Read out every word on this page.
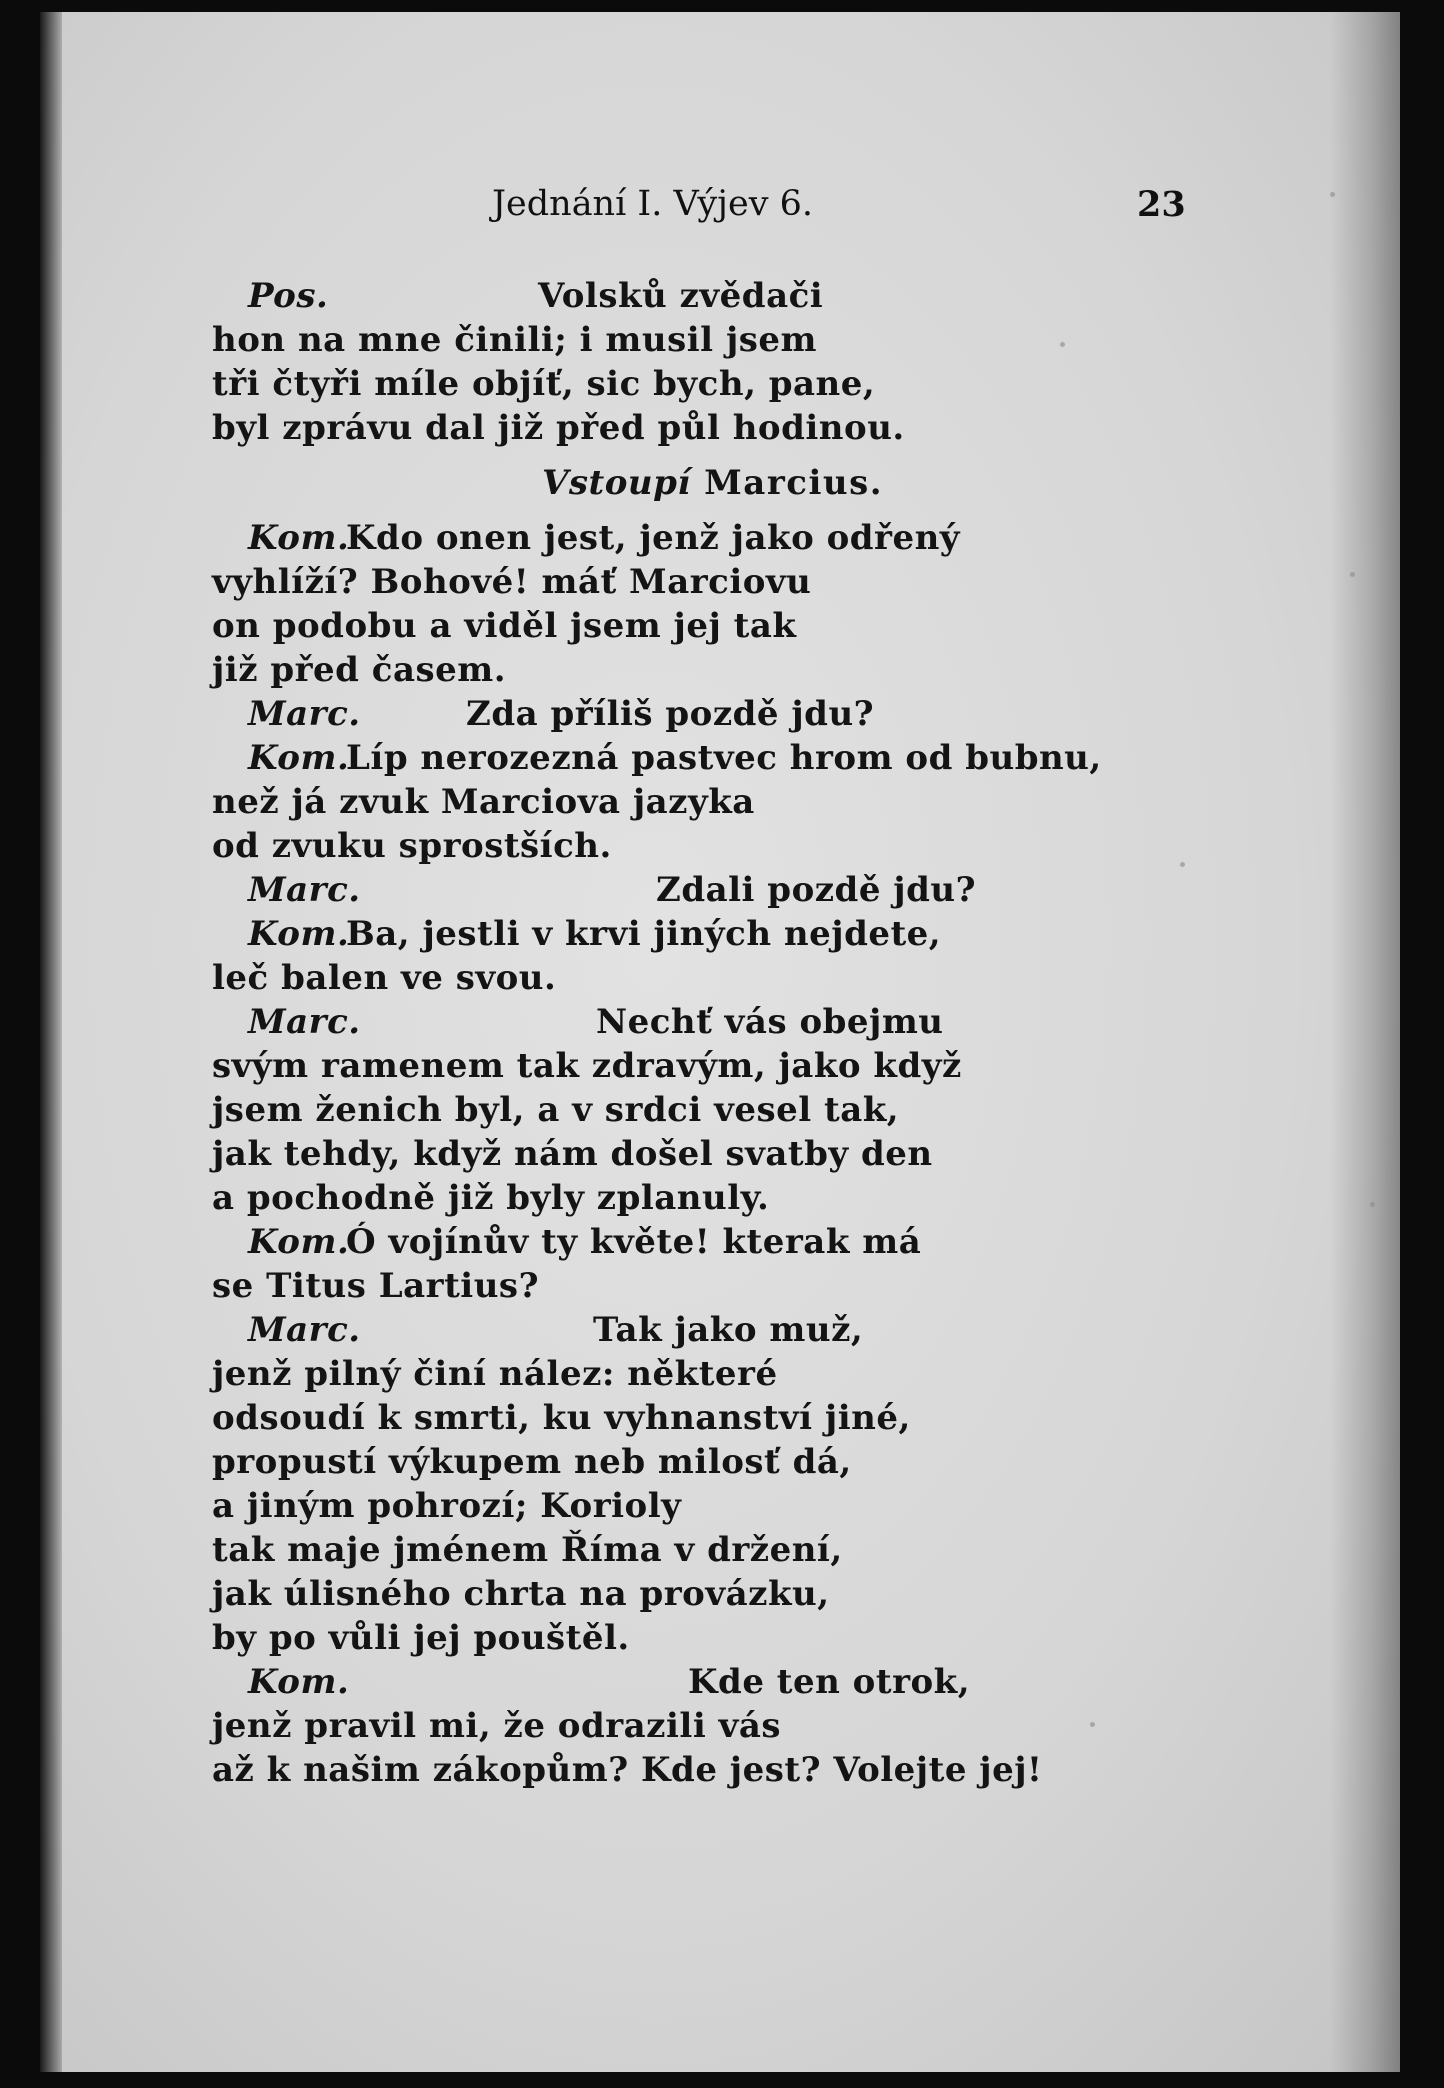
Jednání I. Výjev 6.	23
Pos.	Volsků zvědači
hon na mne činili; i musil jsem
tři čtyři míle objíť, sic bych, pane,
byl zprávu dal již před půl hodinou.
Vstoupí Marcius.
Kom.
Kdo onen jest, jenž jako odřený
vyhlíží? Bohové! máť Marciovu
on podobu a viděl jsem jej tak
již před časem.
Marc.	Zda příliš pozdě jdu?
Kom.
Líp nerozezná pastvec hrom od bubnu,
než já zvuk Marciova jazyka
od zvuku sprostších.
Marc.	Zdali pozdě jdu?
Kom.
Ba, jestli v krvi jiných nejdete,
leč balen ve svou.
Marc.	Nechť vás obejmu
svým ramenem tak zdravým, jako když
jsem ženich byl, a v srdci vesel tak,
jak tehdy, když nám došel svatby den
a pochodně již byly zplanuly.
Kom.
Ó vojínův ty květe! kterak má
se Titus Lartius?
Marc.	Tak jako muž,
jenž pilný činí nález: některé
odsoudí k smrti, ku vyhnanství jiné,
propustí výkupem neb milosť dá,
a jiným pohrozí; Korioly
tak maje jménem Říma v držení,
jak úlisného chrta na provázku,
by po vůli jej pouštěl.
Kom.	Kde ten otrok,
jenž pravil mi, že odrazili vás
až k našim zákopům? Kde jest? Volejte jej!
